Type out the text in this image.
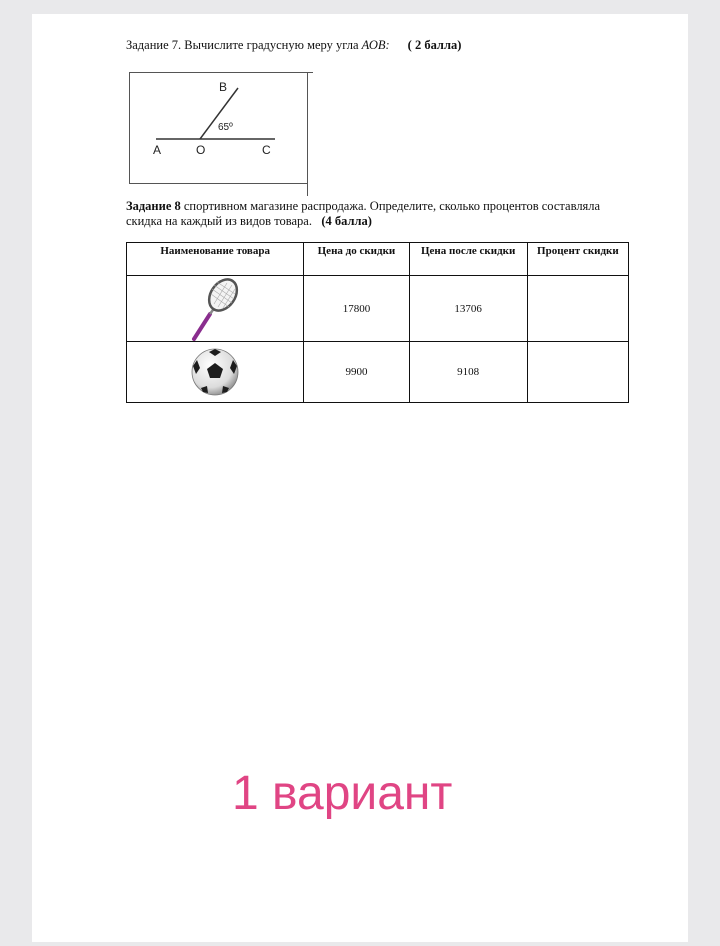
Задание 7. Вычислите градусную меру угла АОВ: ( 2 балла)
B
65º
A	O	C
Задание 8 спортивном магазине распродажа. Определите, сколько процентов составляла скидка на каждый из видов товара. (4 балла)
Наименование товара	Цена до скидки	Цена после скидки	Процент скидки
	17800	13706	
	9900	9108	
1 вариант
